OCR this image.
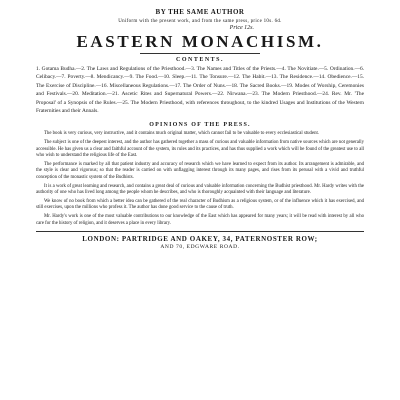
BY THE SAME AUTHOR
Uniform with the present work, and from the same press, price 10s. 6d.
Price 12s.
EASTERN MONACHISM.
CONTENTS.
1. Gotama Budha.—2. The Laws and Regulations of the Priesthood.—3. The Names and Titles of the Priests.—4. The Novitiate.—5. Ordination.—6. Celibacy.—7. Poverty.—8. Mendicancy.—9. The Food.—10. Sleep.—11. The Tonsure.—12. The Habit.—13. The Residence.—14. Obedience.—15. The Exercise of Discipline.—16. Miscellaneous Regulations.—17. The Order of Nuns.—18. The Sacred Books.—19. Modes of Worship, Ceremonies and Festivals.—20. Meditation.—21. Ascetic Rites and Supernatural Powers.—22. Nirwana.—23. The Modern Priesthood.—24. Rev. Mr. 'The Proposal' of a Synopsis of the Rules.—25. The Modern Priesthood, with references throughout, to the kindred Usages and Institutions of the Western Fraternities and their Annals.
OPINIONS OF THE PRESS.

The book is very curious, very instructive, and it contains much original matter, which cannot fail to be valuable to every ecclesiastical student.

The subject is one of the deepest interest, and the author has gathered together a mass of curious and valuable information from native sources which are not generally accessible. He has given us a clear and faithful account of the system, its rules and its practices, and has thus supplied a work which will be found of the greatest use to all who wish to understand the religious life of the East.

The performance is marked by all that patient industry and accuracy of research which we have learned to expect from its author. Its arrangement is admirable, and the style is clear and vigorous; so that the reader is carried on with unflagging interest through its many pages, and rises from its perusal with a vivid and truthful conception of the monastic system of the Budhists.

It is a work of great learning and research, and contains a great deal of curious and valuable information concerning the Budhist priesthood. Mr. Hardy writes with the authority of one who has lived long among the people whom he describes, and who is thoroughly acquainted with their language and literature.

We know of no book from which a better idea can be gathered of the real character of Budhism as a religious system, or of the influence which it has exercised, and still exercises, upon the millions who profess it. The author has done good service to the cause of truth.

Mr. Hardy's work is one of the most valuable contributions to our knowledge of the East which has appeared for many years; it will be read with interest by all who care for the history of religion, and it deserves a place in every library.

LONDON: PARTRIDGE AND OAKEY, 34, PATERNOSTER ROW;
AND 70, EDGWARE ROAD.
